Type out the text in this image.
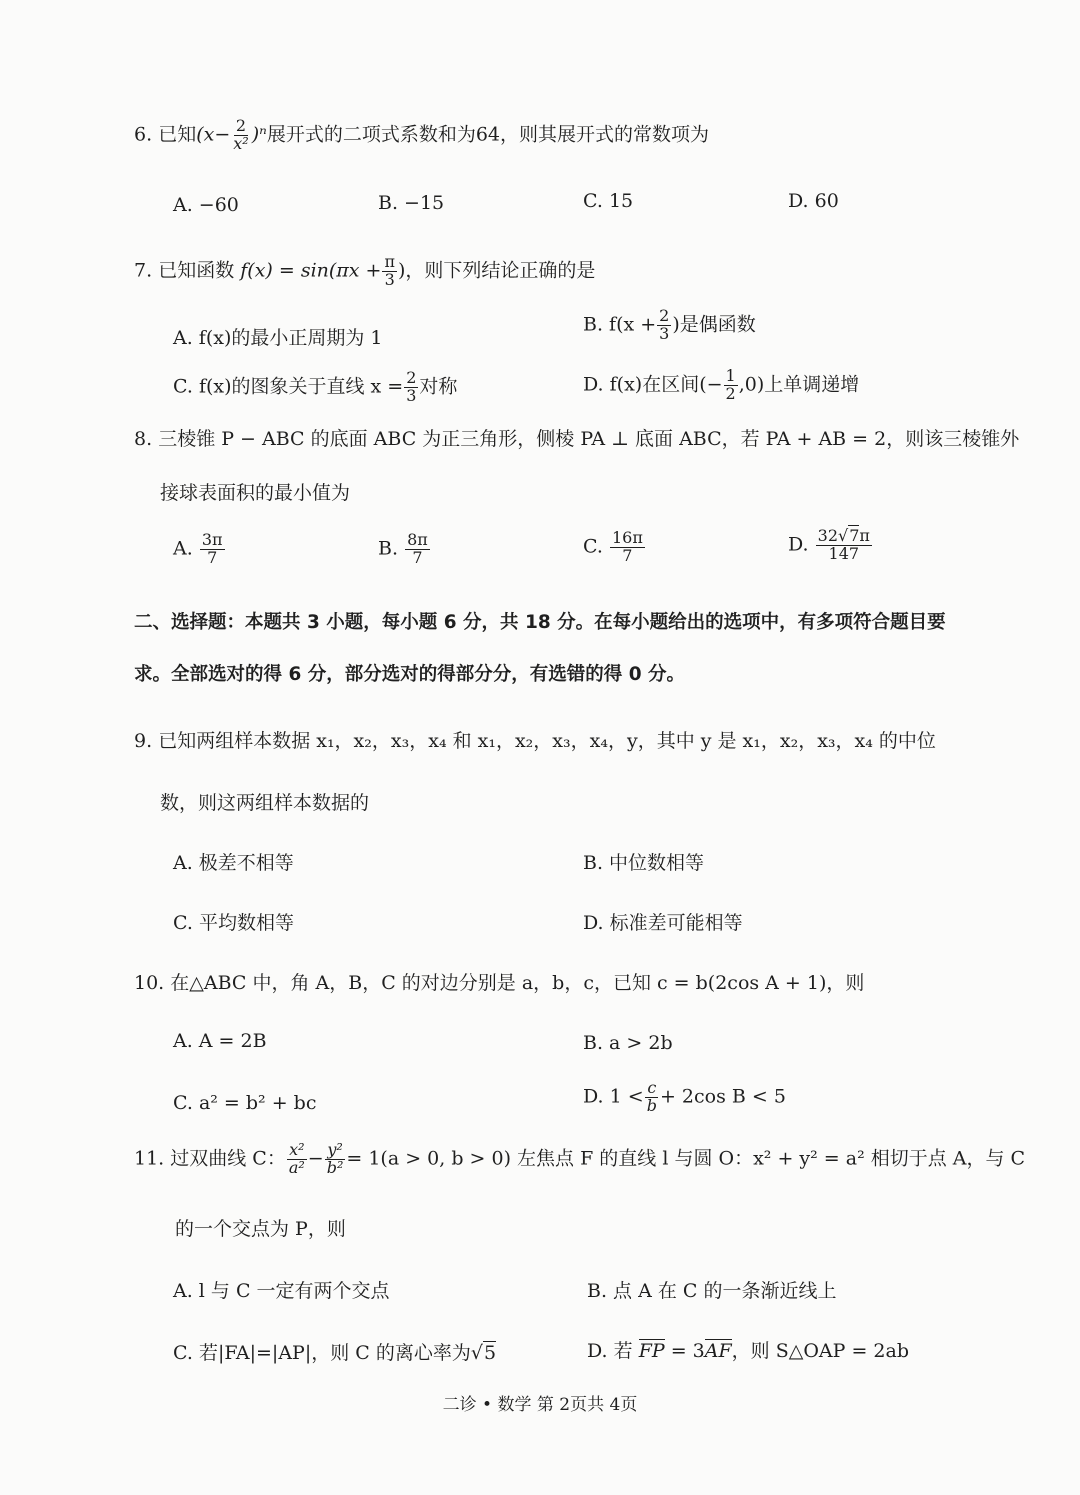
6. 已知$(x- \frac{2}{\text{x²}} )^n$展开式的二项式系数和为64，则其展开式的常数项为
A. −60	B. −15	C. 15	D. 60
7. 已知函数 $f(x) = \sin(\pi x + \frac{\pi}{3}$ )，则下列结论正确的是
A. f(x)的最小正周期为 1
B. $f(x + \frac{2}{3}$ )是偶函数
C. f(x)的图象关于直线 $x = \frac{2}{3}$ 对称	D. f(x)在区间(− $\frac{1}{2} ,0$)上单调递增
8. 三棱锥 P − ABC 的底面 ABC 为正三角形，侧棱 PA ⊥ 底面 ABC，若 PA + AB = 2，则该三棱锥外
接球表面积的最小值为
A. $\frac{3\pi}{7}$	B. $\frac{8\pi}{7}$	C. $\frac{16\pi}{7}$	D. $\frac{32√7\pi}{147}$
二、选择题：本题共 3 小题，每小题 6 分，共 18 分。在每小题给出的选项中，有多项符合题目要
求。全部选对的得 6 分，部分选对的得部分分，有选错的得 0 分。
9. 已知两组样本数据 x₁，x₂，x₃，x₄ 和 x₁，x₂，x₃，x₄，y，其中 y 是 x₁，x₂，x₃，x₄ 的中位
数，则这两组样本数据的
A. 极差不相等	B. 中位数相等
C. 平均数相等	D. 标准差可能相等
10. 在△ABC 中，角 A，B，C 的对边分别是 a，b，c，已知 c = b(2cos A + 1)，则
A. A = 2B	B. a > 2b
C. a² = b² + bc	D. $1 < \frac{c}{b} + 2\cos$ B < 5
11. 过双曲线 C： $\frac{\text{x²}}{\text{a²}} - \frac{\text{y²}}{\text{b²}} = 1(a > 0$, b > 0) 左焦点 F 的直线 l 与圆 O：x² + y² = a² 相切于点 A，与 C
的一个交点为 P，则
A. l 与 C 一定有两个交点	B. 点 A 在 C 的一条渐近线上
C. 若|FA|=|AP|，则 C 的离心率为√5	D. 若 FP = 3AF，则 S△OAP = 2ab
二诊 • 数学 第 2页共 4页
